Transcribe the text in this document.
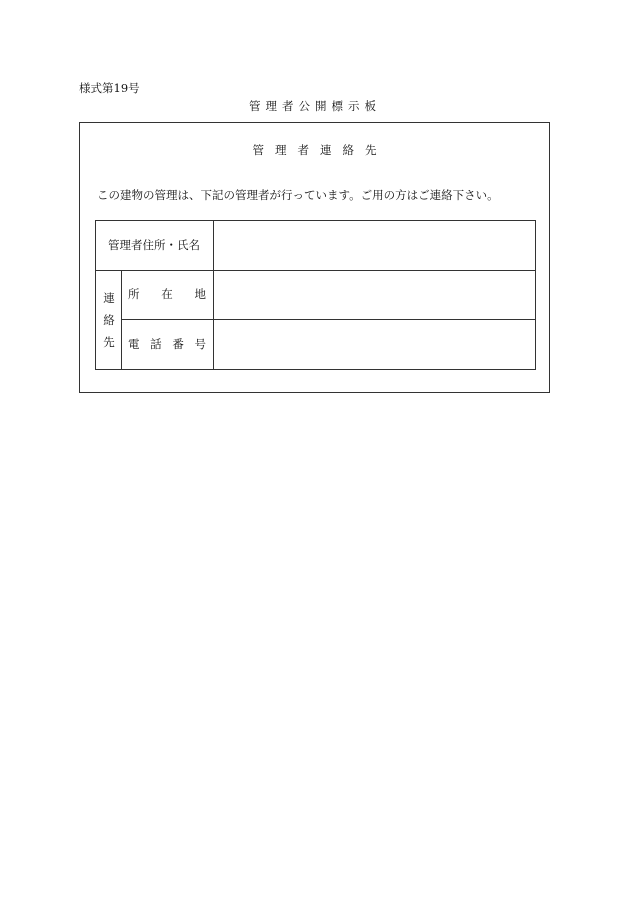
様式第19号
管理者公開標示板
管理者連絡先
この建物の管理は、下記の管理者が行っています。ご用の方はご連絡下さい。
管理者住所・氏名
連
絡
先
所 在 地
電 話 番 号
